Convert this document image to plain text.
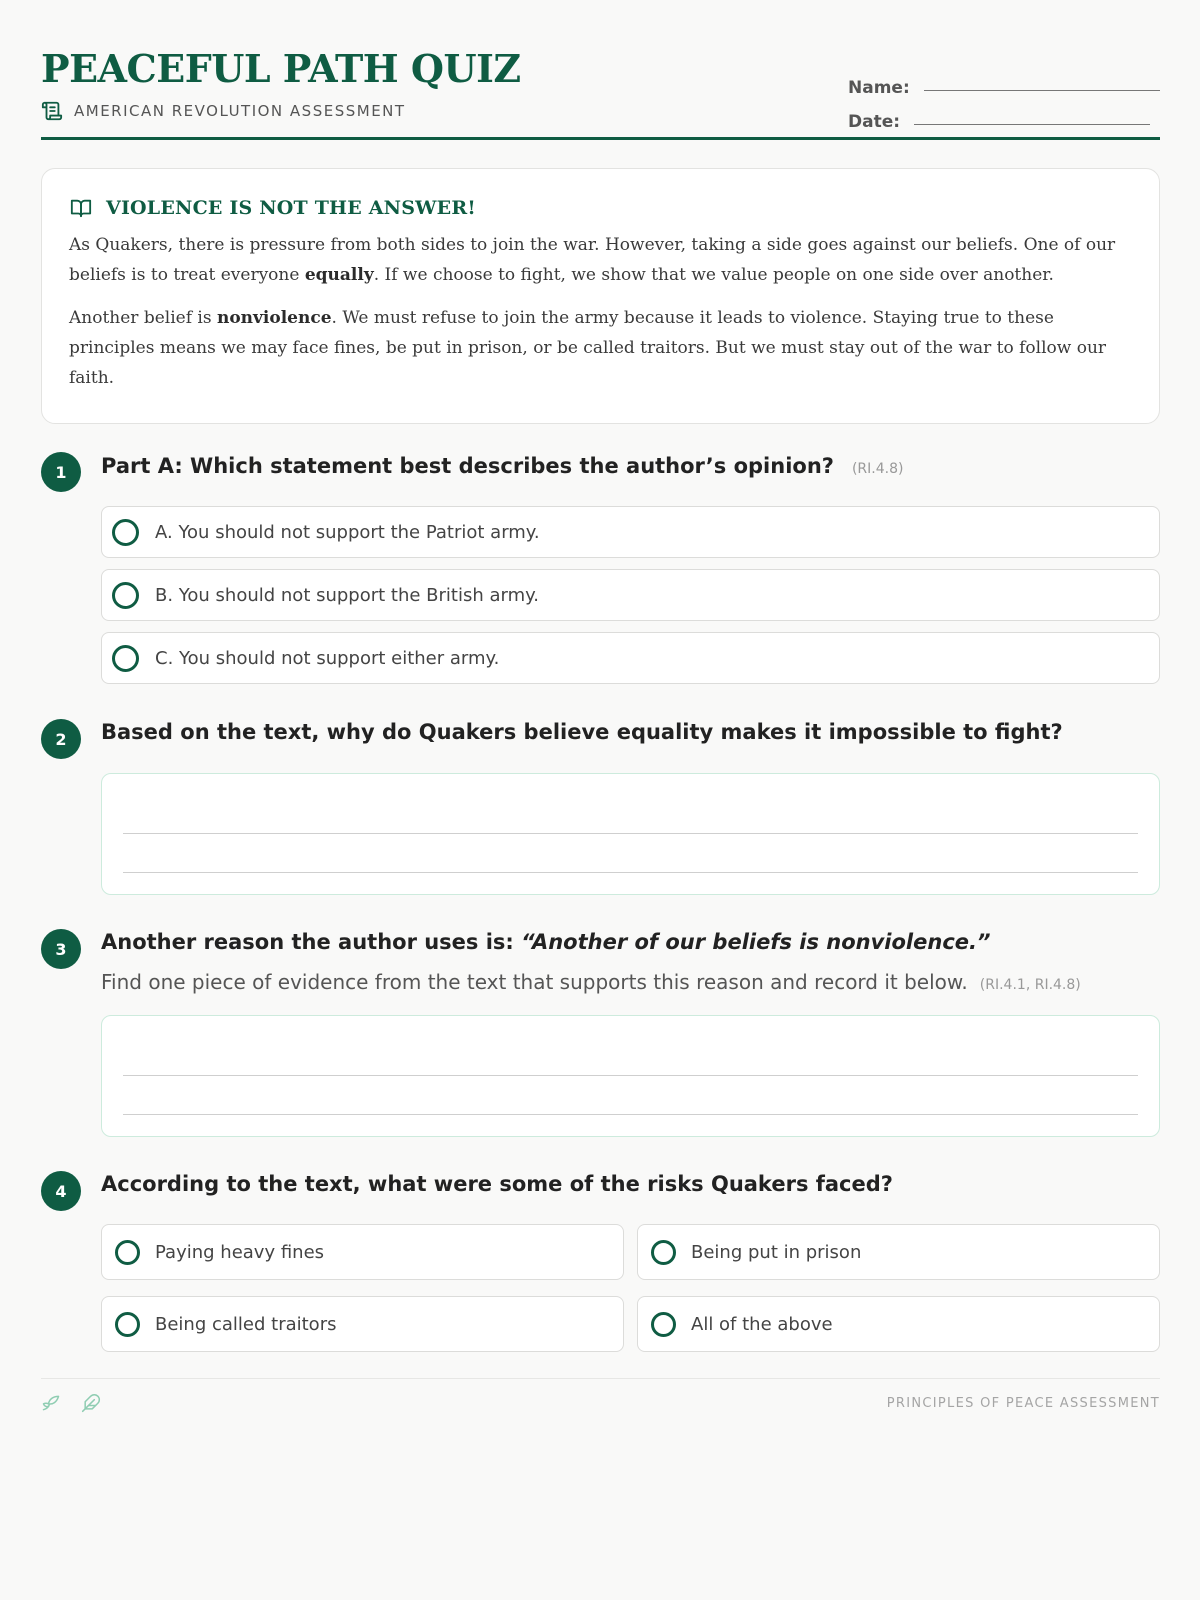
PEACEFUL PATH QUIZ
AMERICAN REVOLUTION ASSESSMENT
Name:
Date:
VIOLENCE IS NOT THE ANSWER!

As Quakers, there is pressure from both sides to join the war. However, taking a side goes against our beliefs. One of our beliefs is to treat everyone equally. If we choose to fight, we show that we value people on one side over another.

Another belief is nonviolence. We must refuse to join the army because it leads to violence. Staying true to these principles means we may face fines, be put in prison, or be called traitors. But we must stay out of the war to follow our faith.

1	Part A: Which statement best describes the author’s opinion? (RI.4.8)
A. You should not support the Patriot army.
B. You should not support the British army.
C. You should not support either army.
2	Based on the text, why do Quakers believe equality makes it impossible to fight?
3	Another reason the author uses is: “Another of our beliefs is nonviolence.”
Find one piece of evidence from the text that supports this reason and record it below. (RI.4.1, RI.4.8)
4	According to the text, what were some of the risks Quakers faced?
Paying heavy fines	Being put in prison
Being called traitors	All of the above
PRINCIPLES OF PEACE ASSESSMENT
